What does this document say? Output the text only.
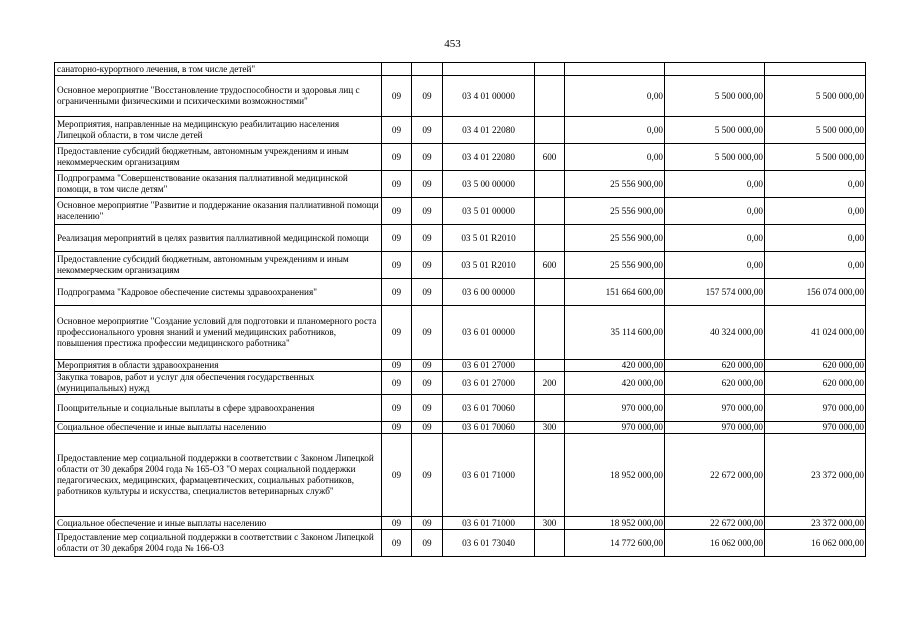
453
санаторно-курортного лечения, в том числе детей"							
Основное мероприятие "Восстановление трудоспособности и здоровья лиц с ограниченными физическими и психическими возможностями"	09	09	03 4 01 00000		0,00	5 500 000,00	5 500 000,00
Мероприятия, направленные на медицинскую реабилитацию населения Липецкой области, в том числе детей	09	09	03 4 01 22080		0,00	5 500 000,00	5 500 000,00
Предоставление субсидий бюджетным, автономным учреждениям и иным некоммерческим организациям	09	09	03 4 01 22080	600	0,00	5 500 000,00	5 500 000,00
Подпрограмма "Совершенствование оказания паллиативной медицинской помощи, в том числе детям"	09	09	03 5 00 00000		25 556 900,00	0,00	0,00
Основное мероприятие "Развитие и поддержание оказания паллиативной помощи населению"	09	09	03 5 01 00000		25 556 900,00	0,00	0,00
Реализация мероприятий в целях развития паллиативной медицинской помощи	09	09	03 5 01 R2010		25 556 900,00	0,00	0,00
Предоставление субсидий бюджетным, автономным учреждениям и иным некоммерческим организациям	09	09	03 5 01 R2010	600	25 556 900,00	0,00	0,00
Подпрограмма "Кадровое обеспечение системы здравоохранения"	09	09	03 6 00 00000		151 664 600,00	157 574 000,00	156 074 000,00
Основное мероприятие "Создание условий для подготовки и планомерного роста профессионального уровня знаний и умений медицинских работников, повышения престижа профессии медицинского работника"	09	09	03 6 01 00000		35 114 600,00	40 324 000,00	41 024 000,00
Мероприятия в области здравоохранения	09	09	03 6 01 27000		420 000,00	620 000,00	620 000,00
Закупка товаров, работ и услуг для обеспечения государственных (муниципальных) нужд	09	09	03 6 01 27000	200	420 000,00	620 000,00	620 000,00
Поощрительные и социальные выплаты в сфере здравоохранения	09	09	03 6 01 70060		970 000,00	970 000,00	970 000,00
Социальное обеспечение и иные выплаты населению	09	09	03 6 01 70060	300	970 000,00	970 000,00	970 000,00
Предоставление мер социальной поддержки в соответствии с Законом Липецкой области от 30 декабря 2004 года № 165-ОЗ "О мерах социальной поддержки педагогических, медицинских, фармацевтических, социальных работников, работников культуры и искусства, специалистов ветеринарных служб"	09	09	03 6 01 71000		18 952 000,00	22 672 000,00	23 372 000,00
Социальное обеспечение и иные выплаты населению	09	09	03 6 01 71000	300	18 952 000,00	22 672 000,00	23 372 000,00
Предоставление мер социальной поддержки в соответствии с Законом Липецкой области от 30 декабря 2004 года № 166-ОЗ	09	09	03 6 01 73040		14 772 600,00	16 062 000,00	16 062 000,00
